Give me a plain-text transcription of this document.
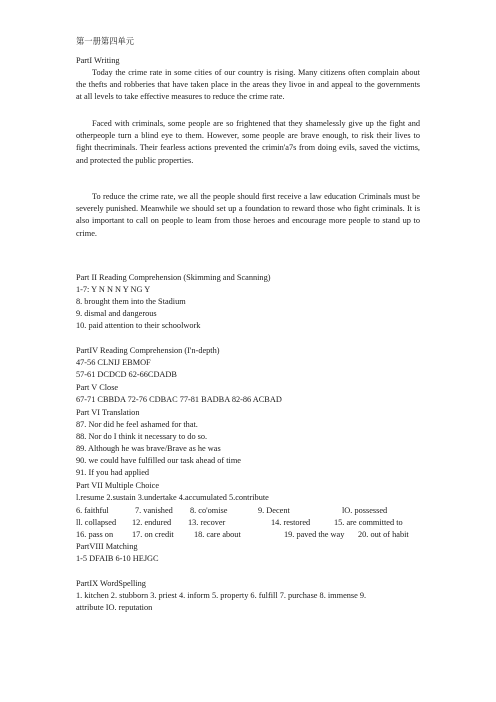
第一册第四单元
PartI Writing
Today the crime rate in some cities of our country is rising. Many citizens often complain about the thefts and robberies that have taken place in the areas they livoe in and appeal to the governments at all levels to take effective measures to reduce the crime rate.
Faced with criminals, some people are so frightened that they shamelessly give up the fight and otherpeople turn a blind eye to them. However, some people are brave enough, to risk their lives to fight thecriminals. Their fearless actions prevented the crimin'a7s from doing evils, saved the victims, and protected the public properties.
To reduce the crime rate, we all the people should first receive a law education Criminals must be severely punished. Meanwhile we should set up a foundation to reward those who fight criminals. It is also important to call on people to leam from those heroes and encourage more people to stand up to crime.
Part II Reading Comprehension (Skimming and Scanning)
1-7: Y N N N Y NG Y
8. brought them into the Stadium
9. dismal and dangerous
10. paid attention to their schoolwork
PartIV Reading Comprehension (I'n-depth)
47-56 CLNIJ EBMOF
57-61 DCDCD 62-66CDADB
Part V Close
67-71 CBBDA 72-76 CDBAC 77-81 BADBA 82-86 ACBAD
Part VI Translation
87. Nor did he feel ashamed for that.
88. Nor do I think it necessary to do so.
89. Although he was brave/Brave as he was
90. we could have fulfilled our task ahead of time
91. If you had applied
Part VII Multiple Choice
l.resume 2.sustain 3.undertake 4.accumulated 5.contribute
6. faithful	7. vanished 8. co'omise	9. Decent	lO. possessed
ll. collapsed 12. endured 13. recover	14. restored	15. are committed to
16. pass on 17. on credit 18. care about	19. paved the way 20. out of habit
PartVIII Matching
1-5 DFAIB 6-10 HEJGC
PartIX WordSpelling
1. kitchen 2. stubborn 3. priest 4. inform 5. property 6. fulfill 7. purchase 8. immense 9.
attribute IO. reputation
